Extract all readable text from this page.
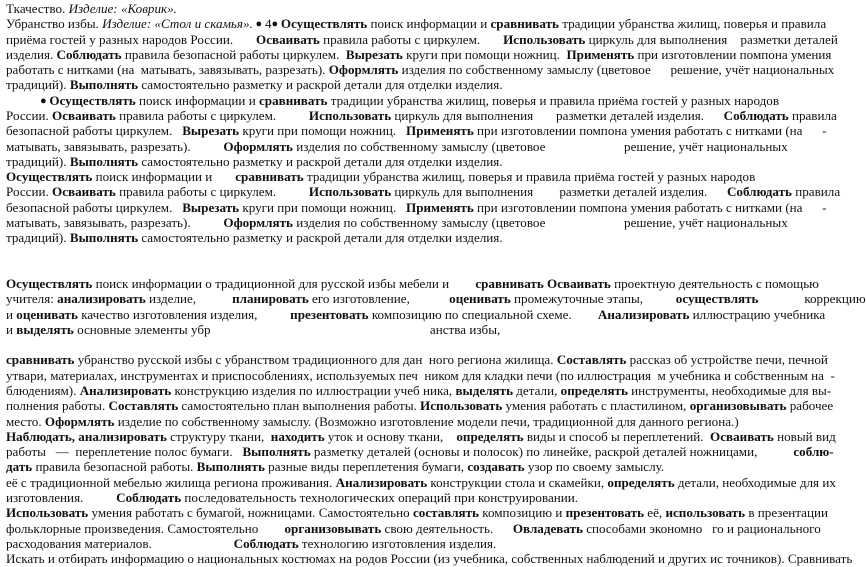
Ткачество. Изделие: «Коврик».
Убранство избы. Изделие: «Стол и скамья». ● 4● Осуществлять поиск информации и сравнивать традиции убранства жилищ, поверья и правила
приёма гостей у разных народов России.       Осваивать правила работы с циркулем.       Использовать циркуль для выполнения    разметки деталей
изделия. Соблюдать правила безопасной работы циркулем.  Вырезать круги при помощи ножниц.  Применять при изготовлении помпона умения
работать с нитками (на  матывать, завязывать, разрезать). Оформлять изделия по собственному замыслу (цветовое      решение, учёт национальных
традиций). Выполнять самостоятельно разметку и раскрой детали для отделки изделия.
● Осуществлять поиск информации и сравнивать традиции убранства жилищ, поверья и правила приёма гостей у разных народов
России. Осваивать правила работы с циркулем.          Использовать циркуль для выполнения       разметки деталей изделия.      Соблюдать правила
безопасной работы циркулем.   Вырезать круги при помощи ножниц.   Применять при изготовлении помпона умения работать с нитками (на      -
матывать, завязывать, разрезать).          Оформлять изделия по собственному замыслу (цветовое                        решение, учёт национальных
традиций). Выполнять самостоятельно разметку и раскрой детали для отделки изделия.
Осуществлять поиск информации и       сравнивать традиции убранства жилищ, поверья и правила приёма гостей у разных народов
России. Осваивать правила работы с циркулем.          Использовать циркуль для выполнения        разметки деталей изделия.      Соблюдать правила
безопасной работы циркулем.   Вырезать круги при помощи ножниц.   Применять при изготовлении помпона умения работать с нитками (на      -
матывать, завязывать, разрезать).          Оформлять изделия по собственному замыслу (цветовое                        решение, учёт национальных
традиций). Выполнять самостоятельно разметку и раскрой детали для отделки изделия.
Осуществлять поиск информации о традиционной для русской избы мебели и        сравнивать Осваивать проектную деятельность с помощью
учителя: анализировать изделие,           планировать его изготовление,            оценивать промежуточные этапы,          осуществлять              коррекцию
и оценивать качество изготовления изделия,          презентовать композицию по специальной схеме.        Анализировать иллюстрацию учебника
и выделять основные элементы убр                                                                   анства избы,
сравнивать убранство русской избы с убранством традиционного для дан  ного региона жилища. Составлять рассказ об устройстве печи, печной
утвари, материалах, инструментах и приспособлениях, используемых печ  ником для кладки печи (по иллюстрация  м учебника и собственным на  -
блюдениям). Анализировать конструкцию изделия по иллюстрации учеб ника, выделять детали, определять инструменты, необходимые для вы-
полнения работы. Составлять самостоятельно план выполнения работы. Использовать умения работать с пластилином, организовывать рабочее
место. Оформлять изделие по собственному замыслу. (Возможно изготовление модели печи, традиционной для данного региона.)
Наблюдать, анализировать структуру ткани,  находить уток и основу ткани,    определять виды и способ ы переплетений.  Осваивать новый вид
работы   —  переплетение полос бумаги.   Выполнять разметку деталей (основы и полосок) по линейке, раскрой деталей ножницами,           соблю-
дать правила безопасной работы. Выполнять разные виды переплетения бумаги, создавать узор по своему замыслу.
её с традиционной мебелью жилища региона проживания. Анализировать конструкции стола и скамейки, определять детали, необходимые для их
изготовления.          Соблюдать последовательность технологических операций при конструировании.
Использовать умения работать с бумагой, ножницами. Самостоятельно составлять композицию и презентовать её, использовать в презентации
фольклорные произведения. Самостоятельно        организовывать свою деятельность.      Овладевать способами экономно   го и рационального
расходования материалов.                         Соблюдать технологию изготовления изделия.
Искать и отбирать информацию о национальных костюмах на родов России (из учебника, собственных наблюдений и других ис точников). Сравнивать
